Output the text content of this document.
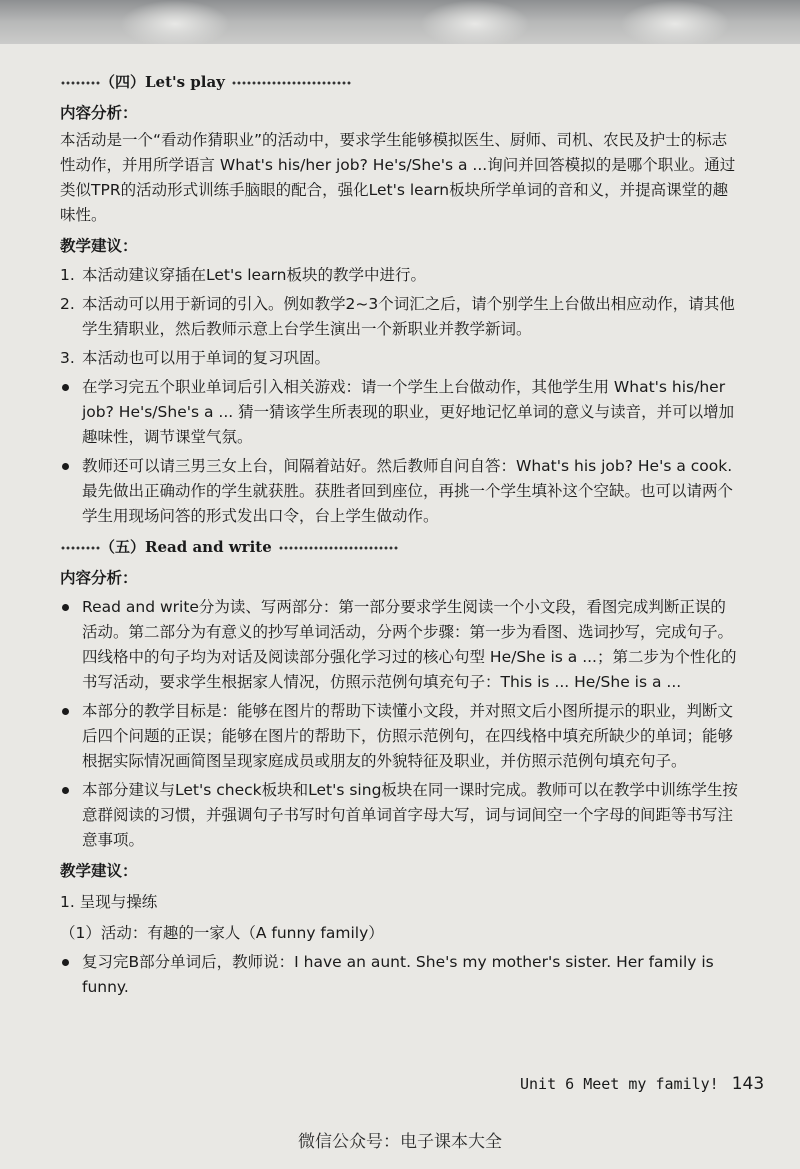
（四）Let's play
内容分析：

本活动是一个“看动作猜职业”的活动中，要求学生能够模拟医生、厨师、司机、农民及护士的标志性动作，并用所学语言 What's his/her job? He's/She's a ...询问并回答模拟的是哪个职业。通过类似TPR的活动形式训练手脑眼的配合，强化Let's learn板块所学单词的音和义，并提高课堂的趣味性。

教学建议：
1. 本活动建议穿插在Let's learn板块的教学中进行。
2. 本活动可以用于新词的引入。例如教学2~3个词汇之后，请个别学生上台做出相应动作，请其他学生猜职业，然后教师示意上台学生演出一个新职业并教学新词。
3. 本活动也可以用于单词的复习巩固。
在学习完五个职业单词后引入相关游戏：请一个学生上台做动作，其他学生用 What's his/her job? He's/She's a ... 猜一猜该学生所表现的职业，更好地记忆单词的意义与读音，并可以增加趣味性，调节课堂气氛。
教师还可以请三男三女上台，间隔着站好。然后教师自问自答：What's his job? He's a cook. 最先做出正确动作的学生就获胜。获胜者回到座位，再挑一个学生填补这个空缺。也可以请两个学生用现场问答的形式发出口令，台上学生做动作。
（五）Read and write
内容分析：
Read and write分为读、写两部分：第一部分要求学生阅读一个小文段，看图完成判断正误的活动。第二部分为有意义的抄写单词活动，分两个步骤：第一步为看图、选词抄写，完成句子。四线格中的句子均为对话及阅读部分强化学习过的核心句型 He/She is a ...；第二步为个性化的书写活动，要求学生根据家人情况，仿照示范例句填充句子：This is ... He/She is a ...
本部分的教学目标是：能够在图片的帮助下读懂小文段，并对照文后小图所提示的职业，判断文后四个问题的正误；能够在图片的帮助下，仿照示范例句，在四线格中填充所缺少的单词；能够根据实际情况画简图呈现家庭成员或朋友的外貌特征及职业，并仿照示范例句填充句子。
本部分建议与Let's check板块和Let's sing板块在同一课时完成。教师可以在教学中训练学生按意群阅读的习惯，并强调句子书写时句首单词首字母大写，词与词间空一个字母的间距等书写注意事项。
教学建议：
1. 呈现与操练
（1）活动：有趣的一家人（A funny family）
复习完B部分单词后，教师说：I have an aunt. She's my mother's sister. Her family is funny.
Unit 6 Meet my family! 143
微信公众号：电子课本大全
